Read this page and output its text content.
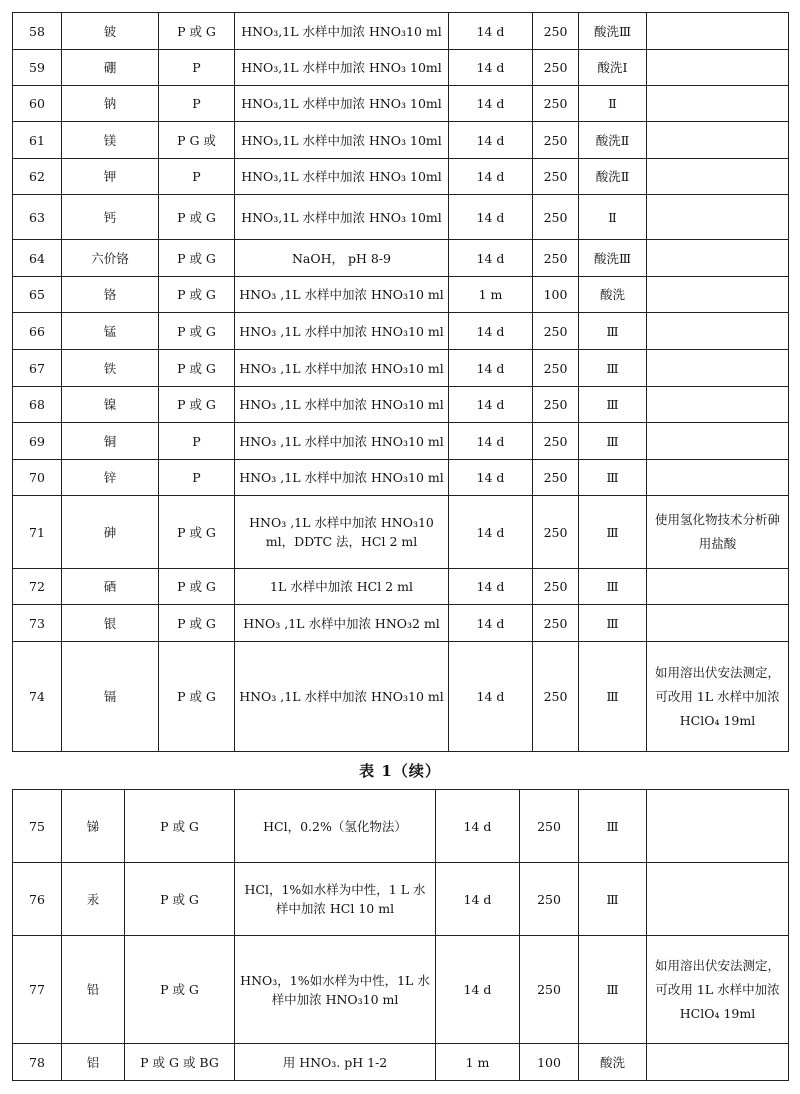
58	铍	P 或 G	HNO₃,1L 水样中加浓 HNO₃10 ml	14 d	250	酸洗Ⅲ	
59	硼	P	HNO₃,1L 水样中加浓 HNO₃ 10ml	14 d	250	酸洗Ⅰ	
60	钠	P	HNO₃,1L 水样中加浓 HNO₃ 10ml	14 d	250	Ⅱ	
61	镁	P G 或	HNO₃,1L 水样中加浓 HNO₃ 10ml	14 d	250	酸洗Ⅱ	
62	钾	P	HNO₃,1L 水样中加浓 HNO₃ 10ml	14 d	250	酸洗Ⅱ	
63	钙	P 或 G	HNO₃,1L 水样中加浓 HNO₃ 10ml	14 d	250	Ⅱ	
64	六价铬	P 或 G	NaOH， pH 8-9	14 d	250	酸洗Ⅲ	
65	铬	P 或 G	HNO₃ ,1L 水样中加浓 HNO₃10 ml	1 m	100	酸洗	
66	锰	P 或 G	HNO₃ ,1L 水样中加浓 HNO₃10 ml	14 d	250	Ⅲ	
67	铁	P 或 G	HNO₃ ,1L 水样中加浓 HNO₃10 ml	14 d	250	Ⅲ	
68	镍	P 或 G	HNO₃ ,1L 水样中加浓 HNO₃10 ml	14 d	250	Ⅲ	
69	铜	P	HNO₃ ,1L 水样中加浓 HNO₃10 ml	14 d	250	Ⅲ	
70	锌	P	HNO₃ ,1L 水样中加浓 HNO₃10 ml	14 d	250	Ⅲ	
71	砷	P 或 G	HNO₃ ,1L 水样中加浓 HNO₃10 ml，DDTC 法，HCl 2 ml	14 d	250	Ⅲ	使用氢化物技术分析砷用盐酸
72	硒	P 或 G	1L 水样中加浓 HCl 2 ml	14 d	250	Ⅲ	
73	银	P 或 G	HNO₃ ,1L 水样中加浓 HNO₃2 ml	14 d	250	Ⅲ	
74	镉	P 或 G	HNO₃ ,1L 水样中加浓 HNO₃10 ml	14 d	250	Ⅲ	如用溶出伏安法测定，可改用 1L 水样中加浓 HClO₄ 19ml
表 1（续）
75	锑	P 或 G	HCl，0.2%（氢化物法）	14 d	250	Ⅲ	
76	汞	P 或 G	HCl，1%如水样为中性，1 L 水样中加浓 HCl 10 ml	14 d	250	Ⅲ	
77	铅	P 或 G	HNO₃，1%如水样为中性，1L 水样中加浓 HNO₃10 ml	14 d	250	Ⅲ	如用溶出伏安法测定，可改用 1L 水样中加浓 HClO₄ 19ml
78	铝	P 或 G 或 BG	用 HNO₃. pH 1-2	1 m	100	酸洗	
